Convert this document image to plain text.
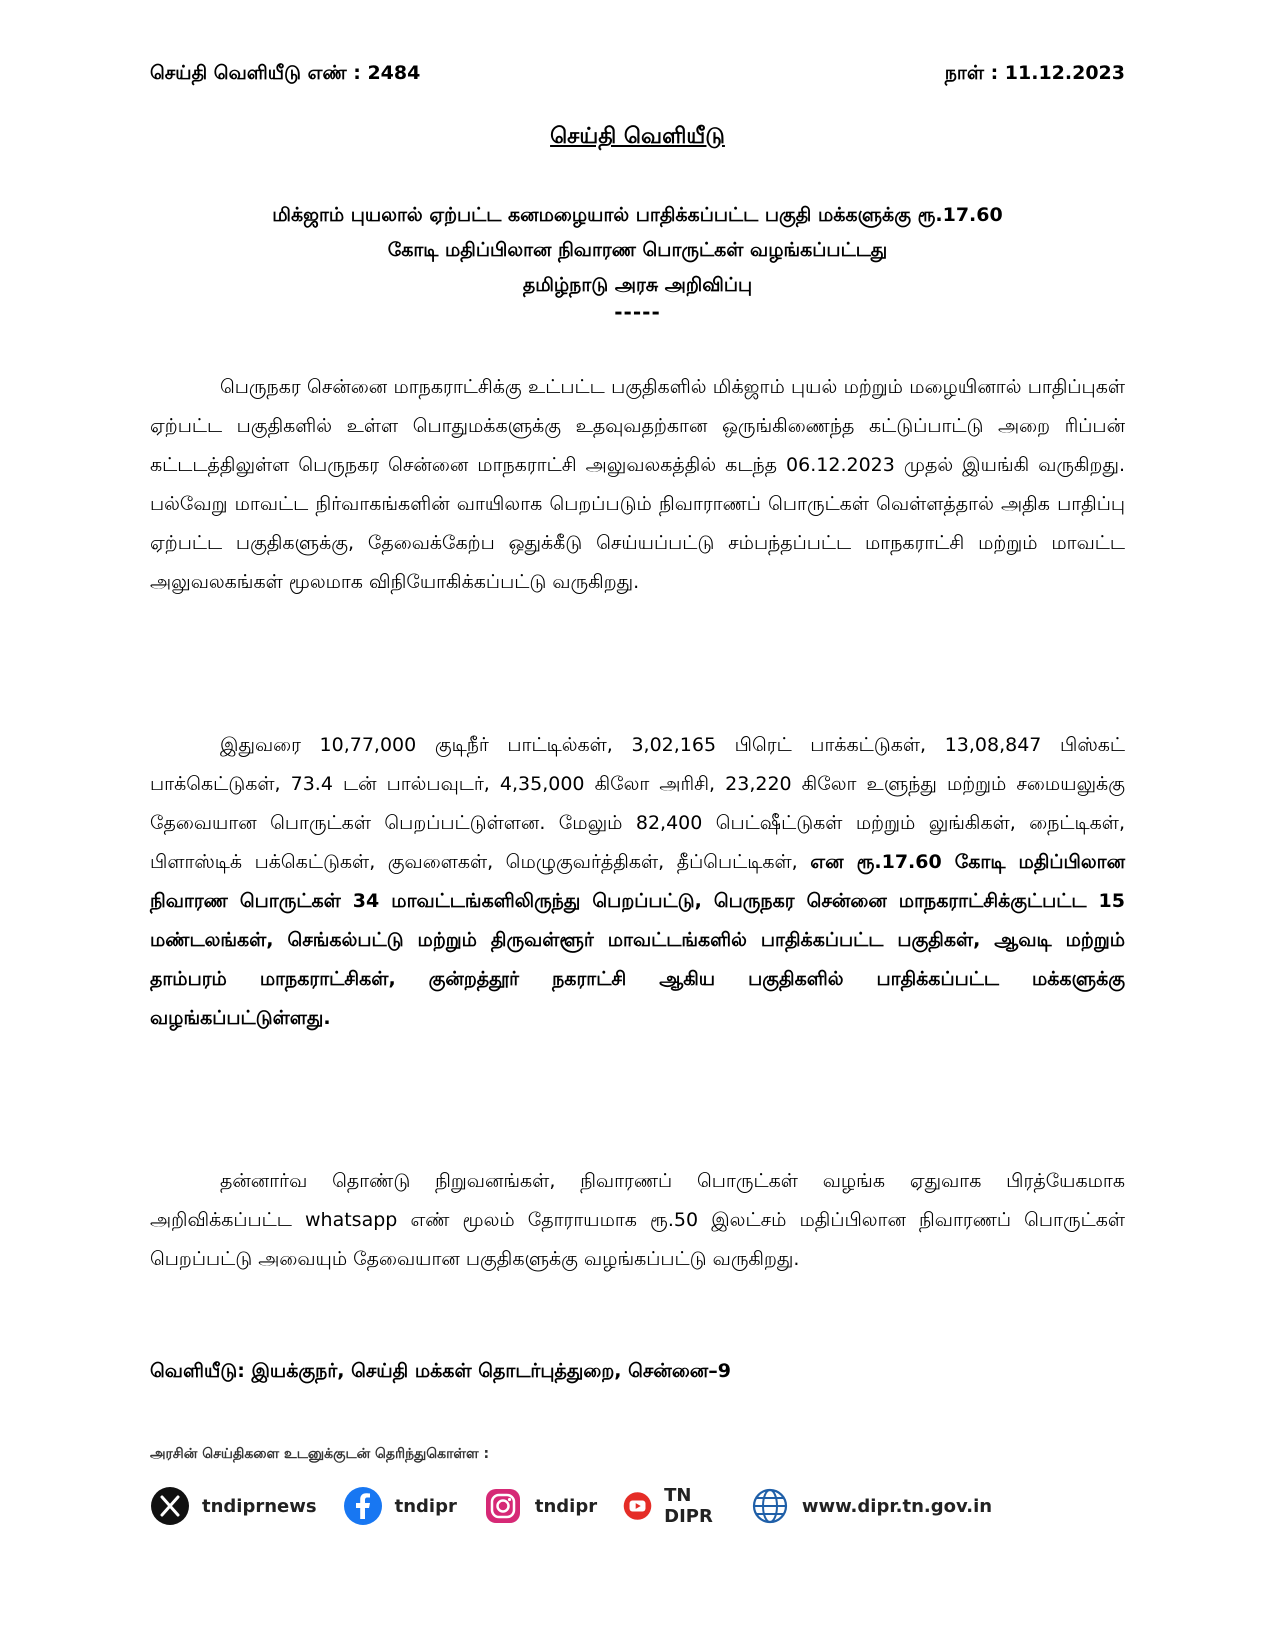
செய்தி வெளியீடு எண் : 2484	நாள் : 11.12.2023
செய்தி வெளியீடு
மிக்ஜாம் புயலால் ஏற்பட்ட கனமழையால் பாதிக்கப்பட்ட பகுதி மக்களுக்கு ரூ.17.60
கோடி மதிப்பிலான நிவாரண பொருட்கள் வழங்கப்பட்டது
தமிழ்நாடு அரசு அறிவிப்பு
-----

பெருநகர சென்னை மாநகராட்சிக்கு உட்பட்ட பகுதிகளில் மிக்ஜாம் புயல் மற்றும் மழையினால் பாதிப்புகள் ஏற்பட்ட பகுதிகளில் உள்ள பொதுமக்களுக்கு உதவுவதற்கான ஒருங்கிணைந்த கட்டுப்பாட்டு அறை ரிப்பன் கட்டடத்திலுள்ள பெருநகர சென்னை மாநகராட்சி அலுவலகத்தில் கடந்த 06.12.2023 முதல் இயங்கி வருகிறது. பல்வேறு மாவட்ட நிர்வாகங்களின் வாயிலாக பெறப்படும் நிவாராணப் பொருட்கள் வெள்ளத்தால் அதிக பாதிப்பு ஏற்பட்ட பகுதிகளுக்கு, தேவைக்கேற்ப ஒதுக்கீடு செய்யப்பட்டு சம்பந்தப்பட்ட மாநகராட்சி மற்றும் மாவட்ட அலுவலகங்கள் மூலமாக விநியோகிக்கப்பட்டு வருகிறது.

இதுவரை 10,77,000 குடிநீர் பாட்டில்கள், 3,02,165 பிரெட் பாக்கட்டுகள், 13,08,847 பிஸ்கட் பாக்கெட்டுகள், 73.4 டன் பால்பவுடர், 4,35,000 கிலோ அரிசி, 23,220 கிலோ உளுந்து மற்றும் சமையலுக்கு தேவையான பொருட்கள் பெறப்பட்டுள்ளன. மேலும் 82,400 பெட்ஷீட்டுகள் மற்றும் லுங்கிகள், நைட்டிகள், பிளாஸ்டிக் பக்கெட்டுகள், குவளைகள், மெழுகுவர்த்திகள், தீப்பெட்டிகள், என ரூ.17.60 கோடி மதிப்பிலான நிவாரண பொருட்கள் 34 மாவட்டங்களிலிருந்து பெறப்பட்டு, பெருநகர சென்னை மாநகராட்சிக்குட்பட்ட 15 மண்டலங்கள், செங்கல்பட்டு மற்றும் திருவள்ளூர் மாவட்டங்களில் பாதிக்கப்பட்ட பகுதிகள், ஆவடி மற்றும் தாம்பரம் மாநகராட்சிகள், குன்றத்தூர் நகராட்சி ஆகிய பகுதிகளில் பாதிக்கப்பட்ட மக்களுக்கு வழங்கப்பட்டுள்ளது.

தன்னார்வ தொண்டு நிறுவனங்கள், நிவாரணப் பொருட்கள் வழங்க ஏதுவாக பிரத்யேகமாக அறிவிக்கப்பட்ட whatsapp எண் மூலம் தோராயமாக ரூ.50 இலட்சம் மதிப்பிலான நிவாரணப் பொருட்கள் பெறப்பட்டு அவையும் தேவையான பகுதிகளுக்கு வழங்கப்பட்டு வருகிறது.

வெளியீடு: இயக்குநர், செய்தி மக்கள் தொடர்புத்துறை, சென்னை–9
அரசின் செய்திகளை உடனுக்குடன் தெரிந்துகொள்ள :
tndiprnews	tndipr	tndipr	TN DIPR	www.dipr.tn.gov.in
